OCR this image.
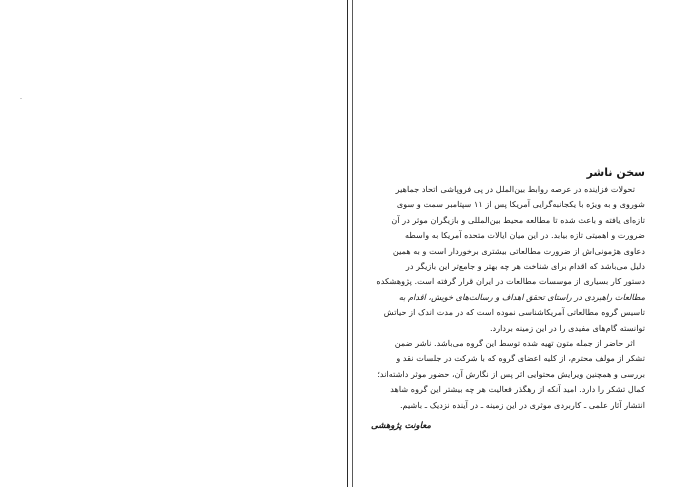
سخن ناشر

تحولات فزاینده در عرصه روابط بین‌الملل در پی فروپاشی اتحاد جماهیر

شوروی و به ویژه با یکجانبه‌گرایی آمریکا پس از ۱۱ سپتامبر سمت و سوی

تازه‌ای یافته و باعث شده تا مطالعه محیط بین‌المللی و بازیگران موثر در آن

ضرورت و اهمیتی تازه بیابد. در این میان ایالات متحده آمریکا به واسطه

دعاوی هژمونی‌اش از ضرورت مطالعاتی بیشتری برخوردار است و به همین

دلیل می‌باشد که اقدام برای شناخت هر چه بهتر و جامع‌تر این بازیگر در

دستور کار بسیاری از موسسات مطالعات در ایران قرار گرفته است. پژوهشکده

مطالعات راهبردی در راستای تحقق اهداف و رسالت‌های خویش، اقدام به

تاسیس گروه مطالعاتی آمریکاشناسی نموده است که در مدت اندک از حیاتش

توانسته گام‌های مفیدی را در این زمینه بردارد.

اثر حاضر از جمله متون تهیه شده توسط این گروه می‌باشد. ناشر ضمن

تشکر از مولف محترم، از کلیه اعضای گروه که با شرکت در جلسات نقد و

بررسی و همچنین ویرایش محتوایی اثر پس از نگارش آن، حضور موثر داشته‌اند؛

کمال تشکر را دارد. امید آنکه از رهگذر فعالیت هر چه بیشتر این گروه شاهد

انتشار آثار علمی ـ کاربردی موثری در این زمینه ـ در آینده نزدیک ـ باشیم.

معاونت پژوهشی
